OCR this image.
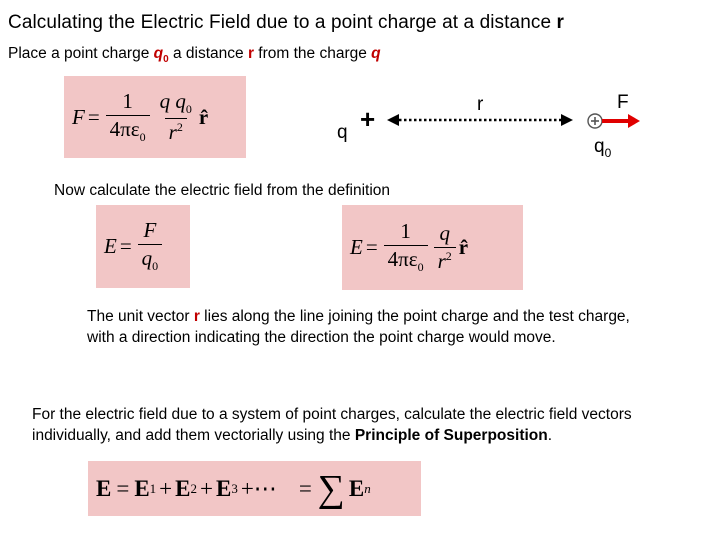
Calculating the Electric Field due to a point charge at a distance r
Place a point charge $q_0$ a distance r from the charge q
$F = \frac{1}{4\pi\varepsilon_0} \frac{q q_0}{r^2}$ r̂
q +	r	F
$q_0$
Now calculate the electric field from the definition
$E = \frac{F}{q_0}$	$E = \frac{1}{4\pi\varepsilon_0} \frac{q}{r^2}$ r̂
The unit vector r lies along the line joining the point charge and the test charge, with a direction indicating the direction the point charge would move.
For the electric field due to a system of point charges, calculate the electric field vectors individually, and add them vectorially using the Principle of Superposition.
E = E 1 + E 2 + E 3 +⋯ = ∑ E n
